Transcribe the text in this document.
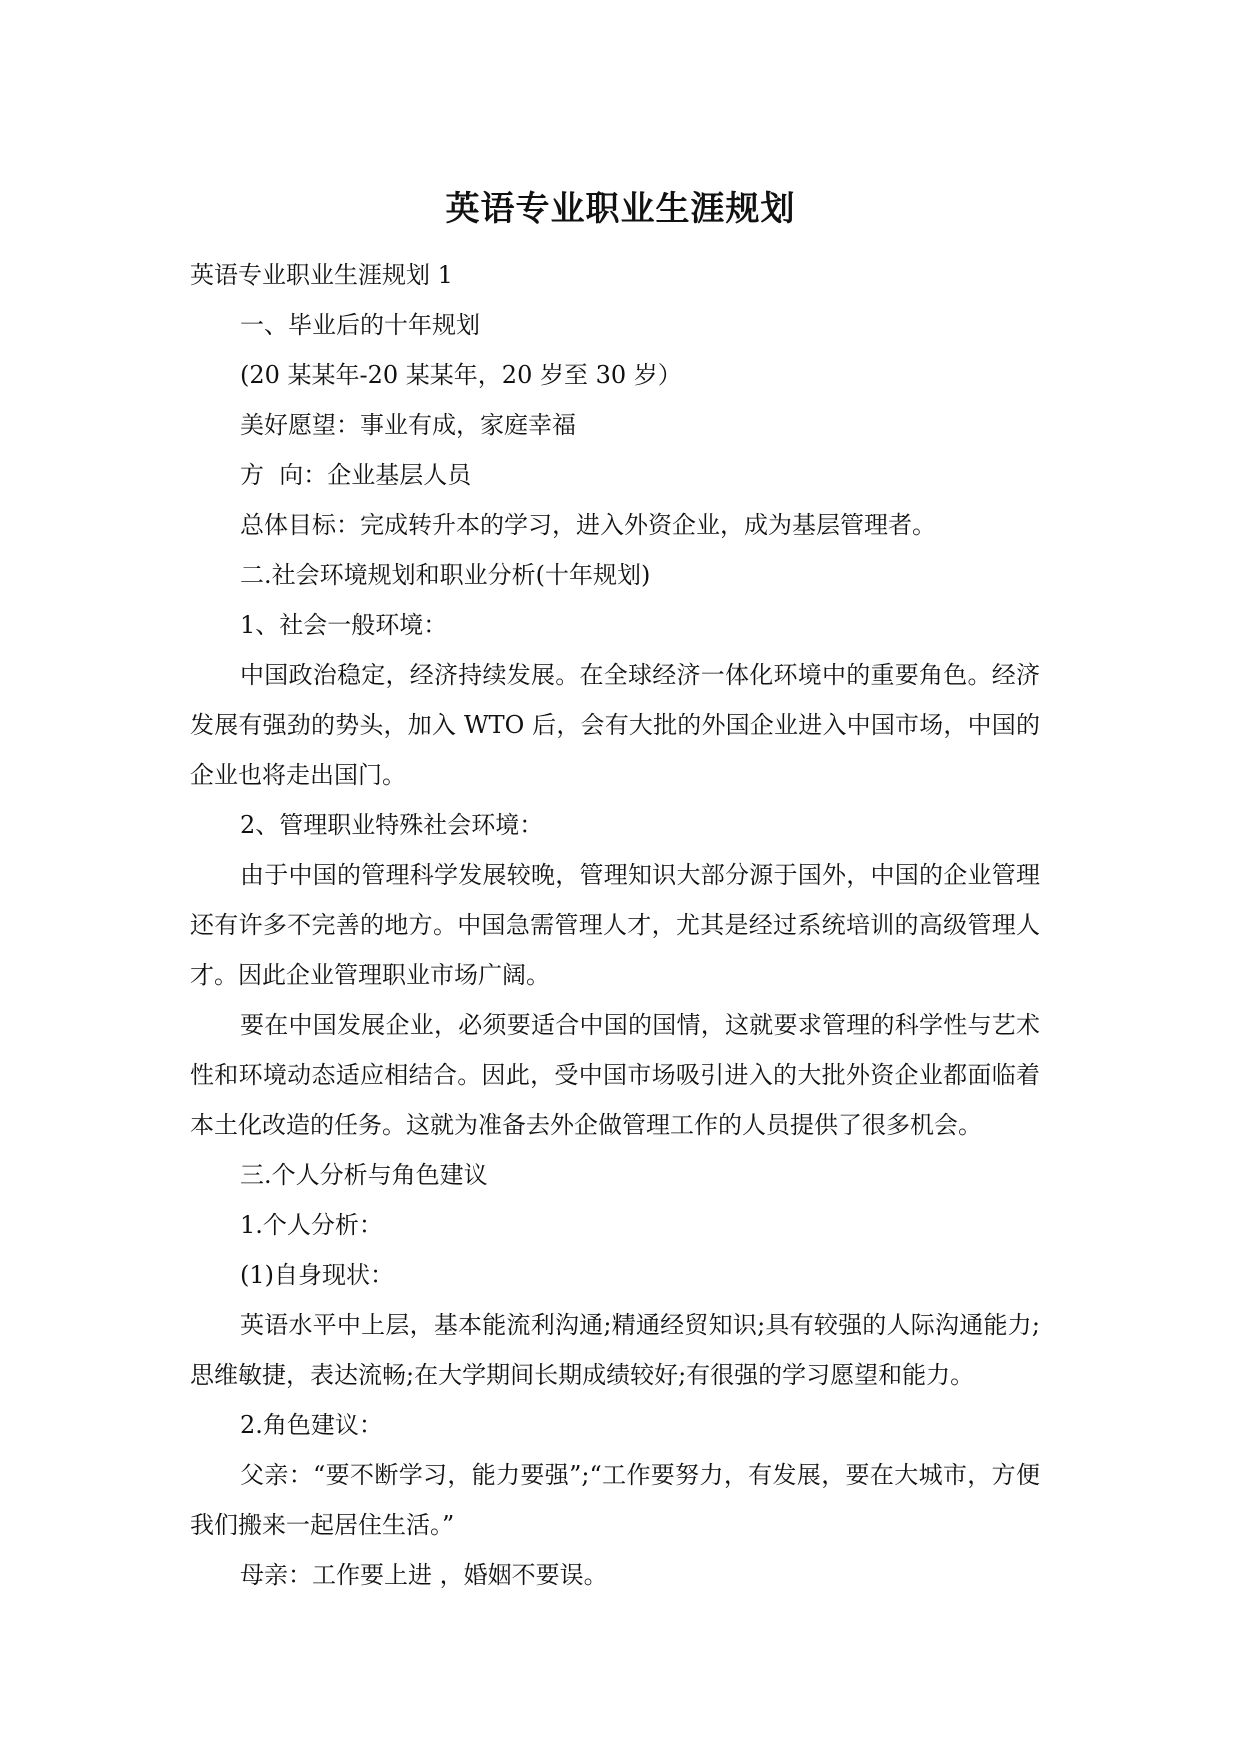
英语专业职业生涯规划

英语专业职业生涯规划 1

一、毕业后的十年规划

(20 某某年-20 某某年，20 岁至 30 岁）

美好愿望：事业有成，家庭幸福

方  向：企业基层人员

总体目标：完成转升本的学习，进入外资企业，成为基层管理者。

二.社会环境规划和职业分析(十年规划)

1、社会一般环境：

中国政治稳定，经济持续发展。在全球经济一体化环境中的重要角色。经济发展有强劲的势头，加入 WTO 后，会有大批的外国企业进入中国市场，中国的企业也将走出国门。

2、管理职业特殊社会环境：

由于中国的管理科学发展较晚，管理知识大部分源于国外，中国的企业管理还有许多不完善的地方。中国急需管理人才，尤其是经过系统培训的高级管理人才。因此企业管理职业市场广阔。

要在中国发展企业，必须要适合中国的国情，这就要求管理的科学性与艺术性和环境动态适应相结合。因此，受中国市场吸引进入的大批外资企业都面临着本土化改造的任务。这就为准备去外企做管理工作的人员提供了很多机会。

三.个人分析与角色建议

1.个人分析：

(1)自身现状：

英语水平中上层，基本能流利沟通;精通经贸知识;具有较强的人际沟通能力;思维敏捷，表达流畅;在大学期间长期成绩较好;有很强的学习愿望和能力。

2.角色建议：

父亲：“要不断学习，能力要强”;“工作要努力，有发展，要在大城市，方便我们搬来一起居住生活。”

母亲：工作要上进 ，婚姻不要误。
